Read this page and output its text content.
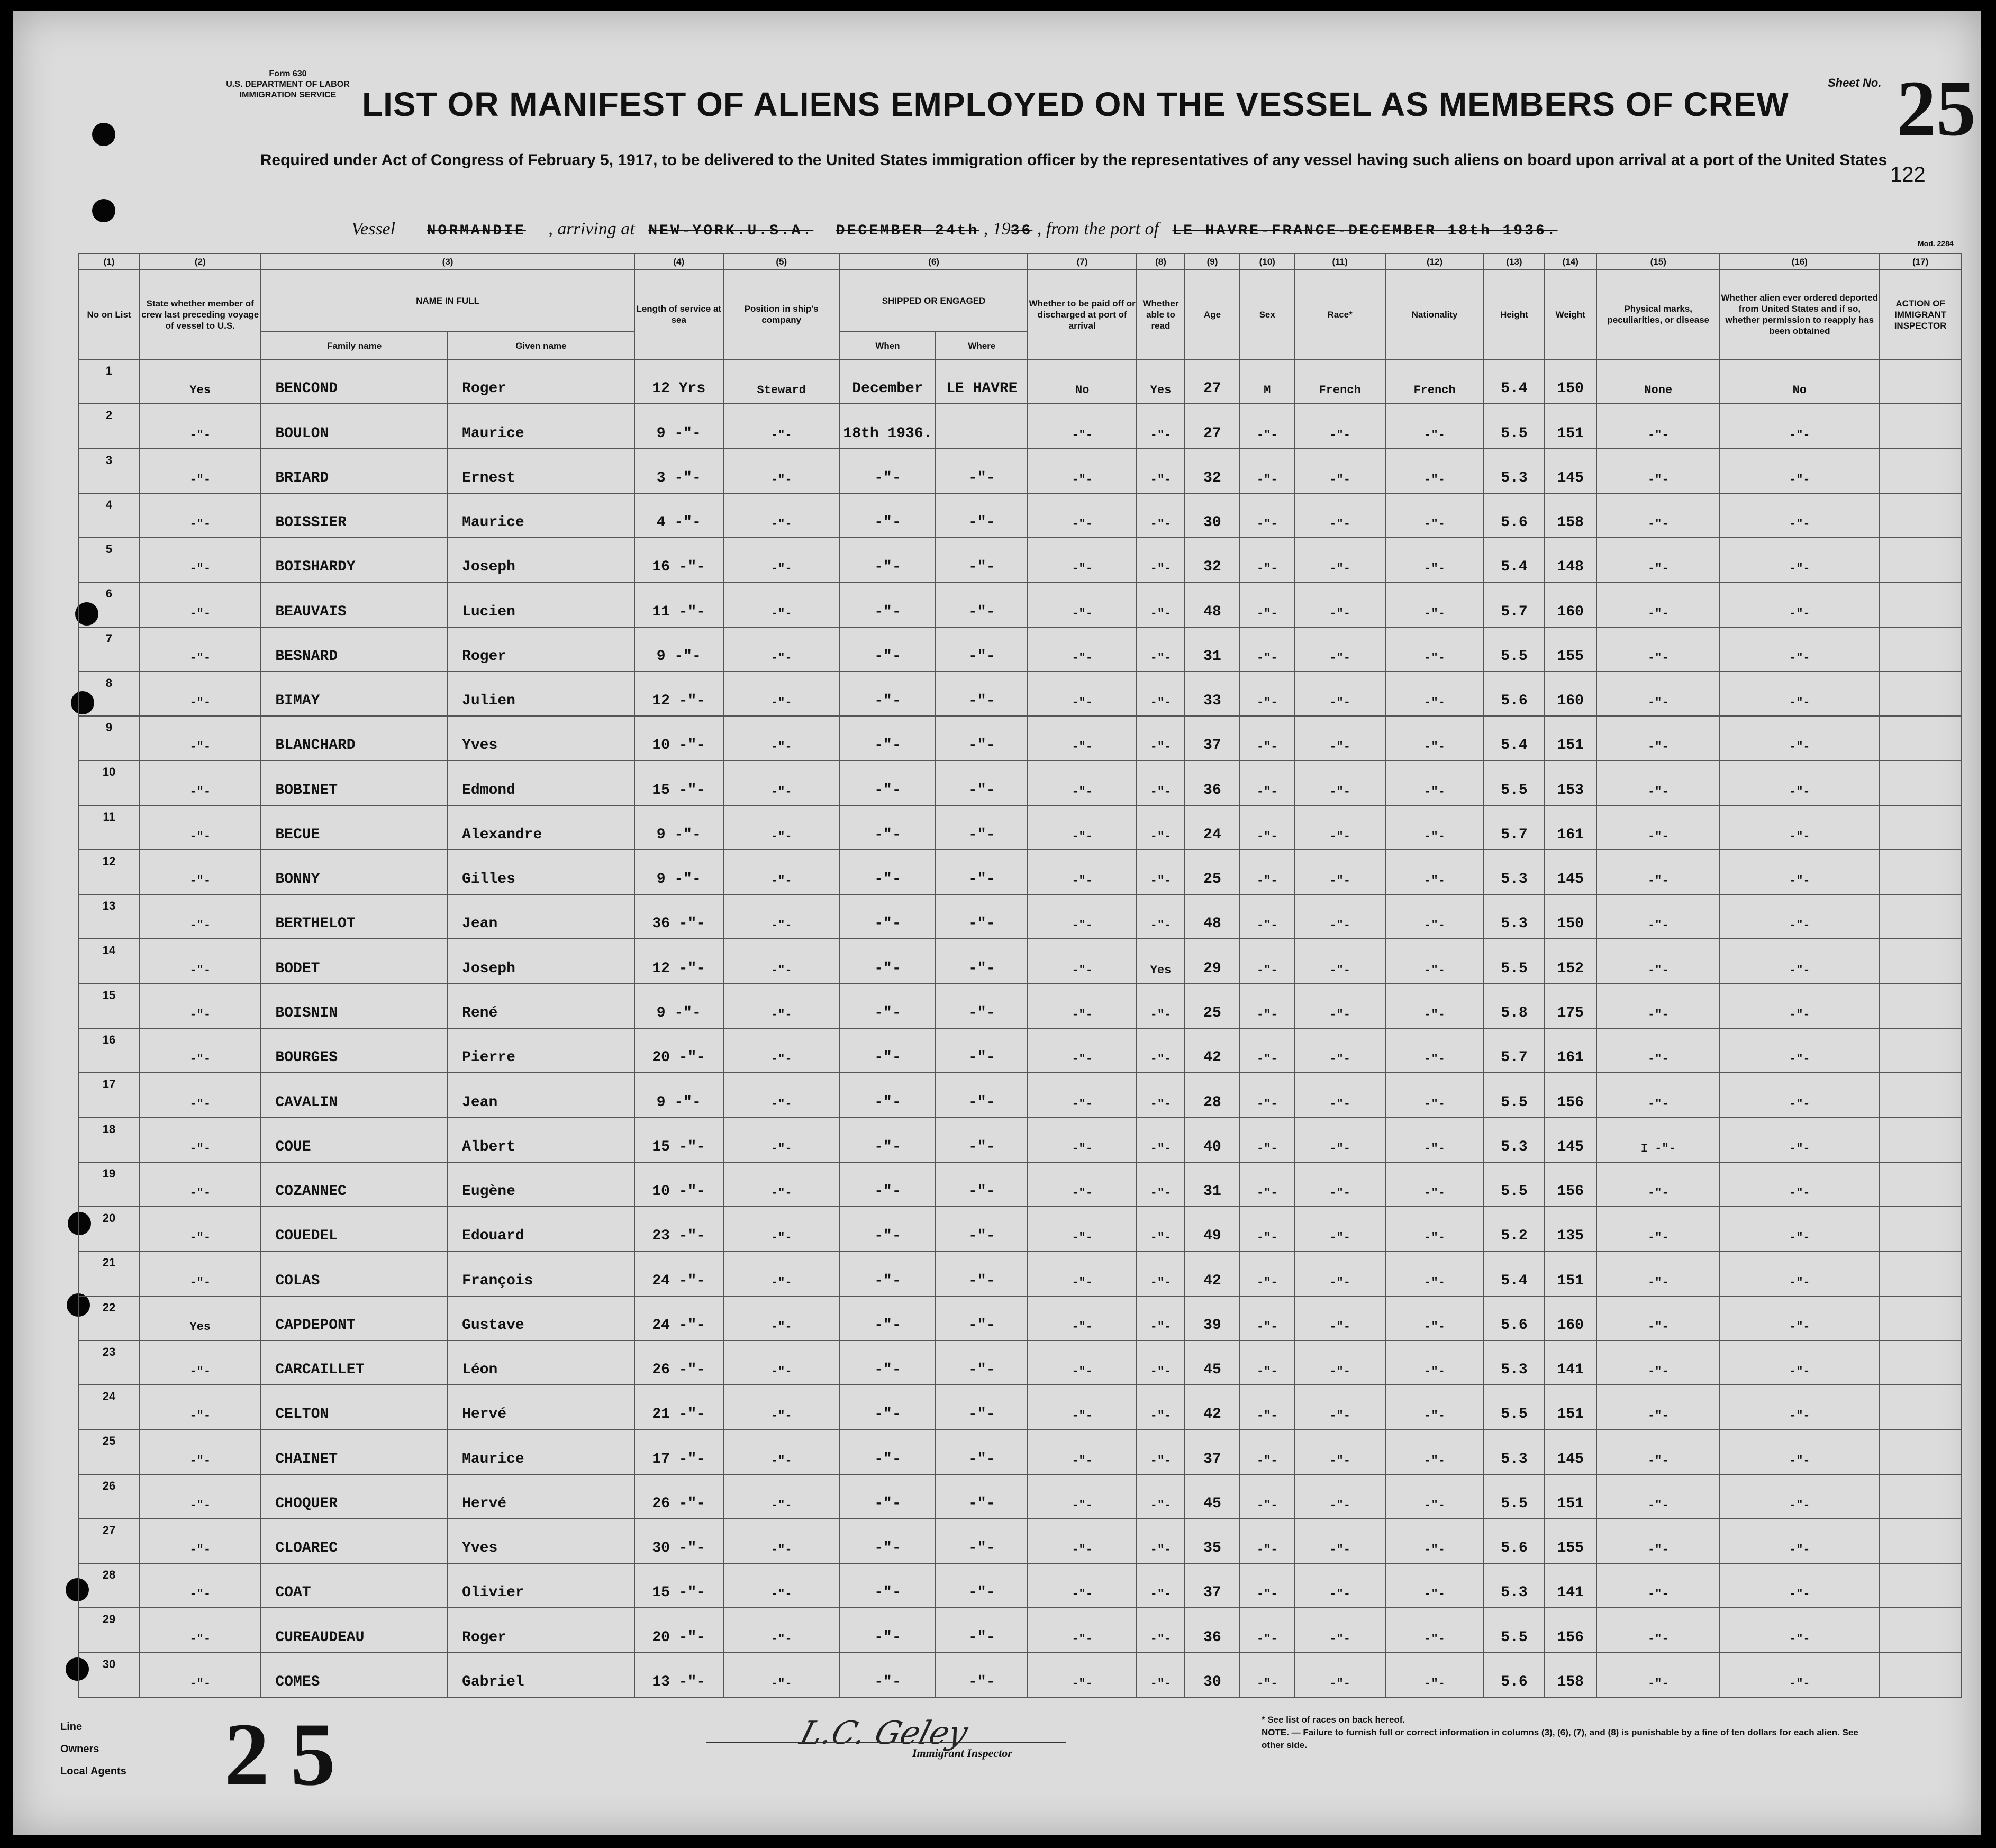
Form 630
U.S. DEPARTMENT OF LABOR
IMMIGRATION SERVICE LIST OR MANIFEST OF ALIENS EMPLOYED ON THE VESSEL AS MEMBERS OF CREW
Required under Act of Congress of February 5, 1917, to be delivered to the United States immigration officer by the representatives of any vessel having such aliens on board upon arrival at a port of the United States
Sheet No. 25
122
Vessel NORMANDIE , arriving at NEW-YORK.U.S.A. DECEMBER 24th , 1936 , from the port of LE HAVRE-FRANCE-DECEMBER 18th 1936.
Mod. 2284
(1)	(2)	(3)		(4)	(5)	(6)		(7)	(8)	(9)	(10)	(11)	(12)	(13)	(14)	(15)	(16)	(17)
No on List	State whether member of crew last preceding voyage of vessel to U.S.	NAME IN FULL		Length of service at sea	Position in ship's company	SHIPPED OR ENGAGED		Whether to be paid off or discharged at port of arrival	Whether able to read	Age	Sex	Race*	Nationality	Height	Weight	Physical marks, peculiarities, or disease	Whether alien ever ordered deported from United States and if so, whether permission to reapply has been obtained	ACTION OF IMMIGRANT INSPECTOR
		Family name	Given name			When	Where											
1	Yes	BENCOND	Roger	12 Yrs	Steward	December	LE HAVRE	No	Yes	27	M	French	French	5.4	150	None	No	
2	-"-	BOULON	Maurice	9 -"-	-"-	18th 1936.		-"-	-"-	27	-"-	-"-	-"-	5.5	151	-"-	-"-	
3	-"-	BRIARD	Ernest	3 -"-	-"-	-"-	-"-	-"-	-"-	32	-"-	-"-	-"-	5.3	145	-"-	-"-	
4	-"-	BOISSIER	Maurice	4 -"-	-"-	-"-	-"-	-"-	-"-	30	-"-	-"-	-"-	5.6	158	-"-	-"-	
5	-"-	BOISHARDY	Joseph	16 -"-	-"-	-"-	-"-	-"-	-"-	32	-"-	-"-	-"-	5.4	148	-"-	-"-	
6	-"-	BEAUVAIS	Lucien	11 -"-	-"-	-"-	-"-	-"-	-"-	48	-"-	-"-	-"-	5.7	160	-"-	-"-	
7	-"-	BESNARD	Roger	9 -"-	-"-	-"-	-"-	-"-	-"-	31	-"-	-"-	-"-	5.5	155	-"-	-"-	
8	-"-	BIMAY	Julien	12 -"-	-"-	-"-	-"-	-"-	-"-	33	-"-	-"-	-"-	5.6	160	-"-	-"-	
9	-"-	BLANCHARD	Yves	10 -"-	-"-	-"-	-"-	-"-	-"-	37	-"-	-"-	-"-	5.4	151	-"-	-"-	
10	-"-	BOBINET	Edmond	15 -"-	-"-	-"-	-"-	-"-	-"-	36	-"-	-"-	-"-	5.5	153	-"-	-"-	
11	-"-	BECUE	Alexandre	9 -"-	-"-	-"-	-"-	-"-	-"-	24	-"-	-"-	-"-	5.7	161	-"-	-"-	
12	-"-	BONNY	Gilles	9 -"-	-"-	-"-	-"-	-"-	-"-	25	-"-	-"-	-"-	5.3	145	-"-	-"-	
13	-"-	BERTHELOT	Jean	36 -"-	-"-	-"-	-"-	-"-	-"-	48	-"-	-"-	-"-	5.3	150	-"-	-"-	
14	-"-	BODET	Joseph	12 -"-	-"-	-"-	-"-	-"-	Yes	29	-"-	-"-	-"-	5.5	152	-"-	-"-	
15	-"-	BOISNIN	René	9 -"-	-"-	-"-	-"-	-"-	-"-	25	-"-	-"-	-"-	5.8	175	-"-	-"-	
16	-"-	BOURGES	Pierre	20 -"-	-"-	-"-	-"-	-"-	-"-	42	-"-	-"-	-"-	5.7	161	-"-	-"-	
17	-"-	CAVALIN	Jean	9 -"-	-"-	-"-	-"-	-"-	-"-	28	-"-	-"-	-"-	5.5	156	-"-	-"-	
18	-"-	COUE	Albert	15 -"-	-"-	-"-	-"-	-"-	-"-	40	-"-	-"-	-"-	5.3	145	I -"-	-"-	
19	-"-	COZANNEC	Eugène	10 -"-	-"-	-"-	-"-	-"-	-"-	31	-"-	-"-	-"-	5.5	156	-"-	-"-	
20	-"-	COUEDEL	Edouard	23 -"-	-"-	-"-	-"-	-"-	-"-	49	-"-	-"-	-"-	5.2	135	-"-	-"-	
21	-"-	COLAS	François	24 -"-	-"-	-"-	-"-	-"-	-"-	42	-"-	-"-	-"-	5.4	151	-"-	-"-	
22	Yes	CAPDEPONT	Gustave	24 -"-	-"-	-"-	-"-	-"-	-"-	39	-"-	-"-	-"-	5.6	160	-"-	-"-	
23	-"-	CARCAILLET	Léon	26 -"-	-"-	-"-	-"-	-"-	-"-	45	-"-	-"-	-"-	5.3	141	-"-	-"-	
24	-"-	CELTON	Hervé	21 -"-	-"-	-"-	-"-	-"-	-"-	42	-"-	-"-	-"-	5.5	151	-"-	-"-	
25	-"-	CHAINET	Maurice	17 -"-	-"-	-"-	-"-	-"-	-"-	37	-"-	-"-	-"-	5.3	145	-"-	-"-	
26	-"-	CHOQUER	Hervé	26 -"-	-"-	-"-	-"-	-"-	-"-	45	-"-	-"-	-"-	5.5	151	-"-	-"-	
27	-"-	CLOAREC	Yves	30 -"-	-"-	-"-	-"-	-"-	-"-	35	-"-	-"-	-"-	5.6	155	-"-	-"-	
28	-"-	COAT	Olivier	15 -"-	-"-	-"-	-"-	-"-	-"-	37	-"-	-"-	-"-	5.3	141	-"-	-"-	
29	-"-	CUREAUDEAU	Roger	20 -"-	-"-	-"-	-"-	-"-	-"-	36	-"-	-"-	-"-	5.5	156	-"-	-"-	
30	-"-	COMES	Gabriel	13 -"-	-"-	-"-	-"-	-"-	-"-	30	-"-	-"-	-"-	5.6	158	-"-	-"-	
Line
Owners
Local Agents 25	L.C. Geley
Immigrant Inspector
* See list of races on back hereof.
NOTE. — Failure to furnish full or correct information in columns (3), (6), (7), and (8) is punishable by a fine of ten dollars for each alien. See other side.
